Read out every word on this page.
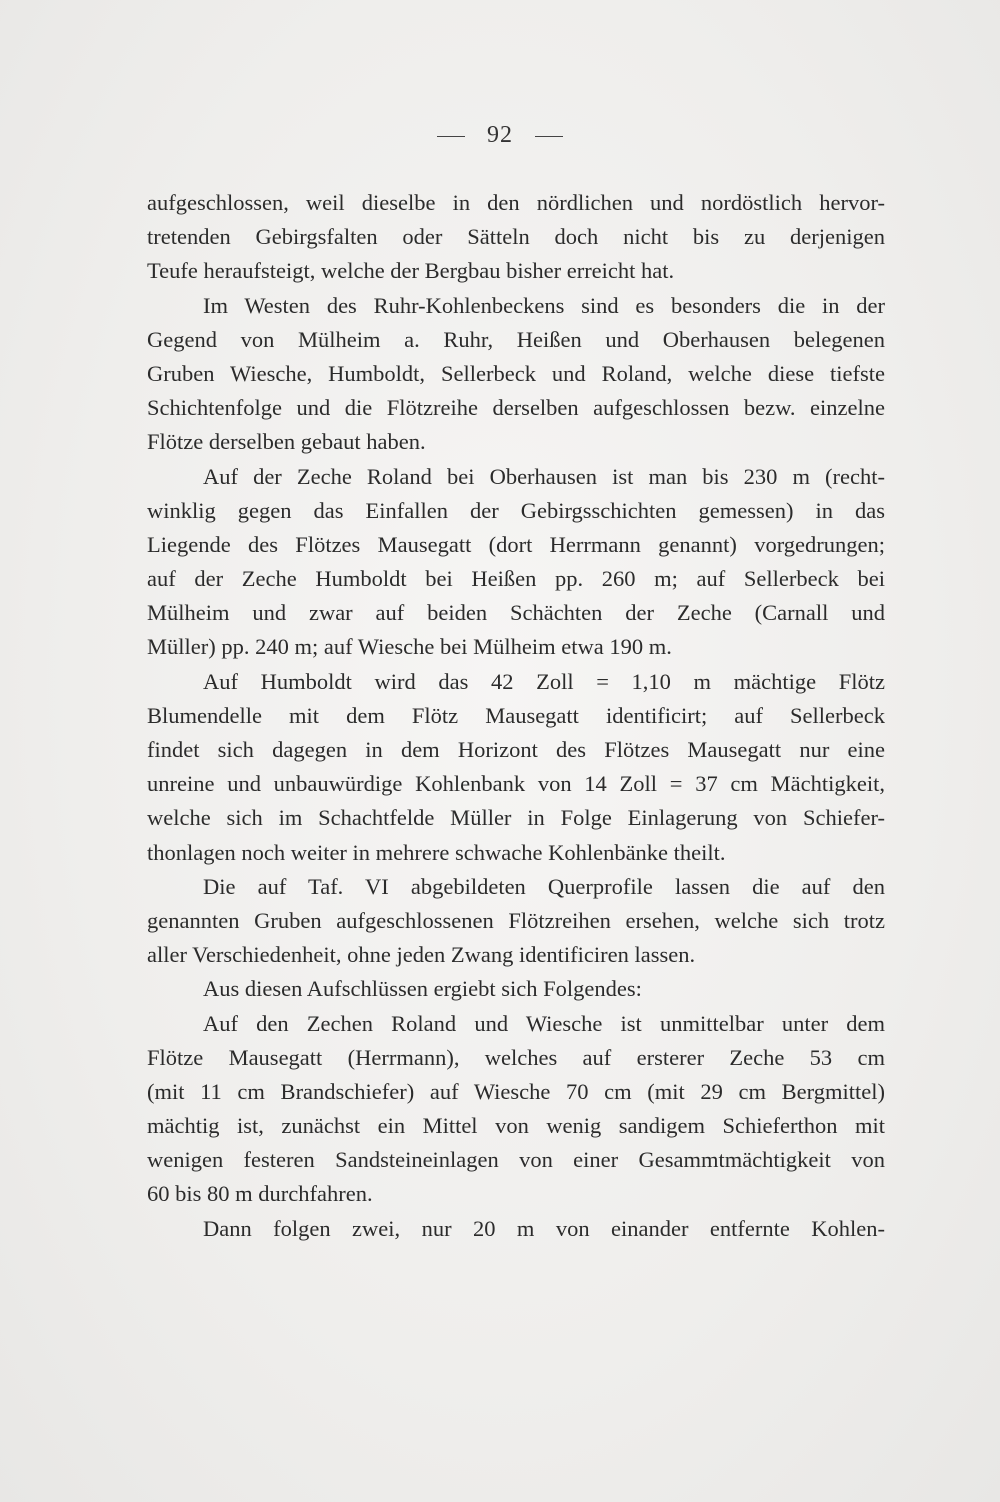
92
aufgeschlossen, weil dieselbe in den nördlichen und nordöstlich hervor-
tretenden Gebirgsfalten oder Sätteln doch nicht bis zu derjenigen
Teufe heraufsteigt, welche der Bergbau bisher erreicht hat.
Im Westen des Ruhr-Kohlenbeckens sind es besonders die in der
Gegend von Mülheim a. Ruhr, Heißen und Oberhausen belegenen
Gruben Wiesche, Humboldt, Sellerbeck und Roland, welche diese tiefste
Schichtenfolge und die Flötzreihe derselben aufgeschlossen bezw. einzelne
Flötze derselben gebaut haben.
Auf der Zeche Roland bei Oberhausen ist man bis 230 m (recht-
winklig gegen das Einfallen der Gebirgsschichten gemessen) in das
Liegende des Flötzes Mausegatt (dort Herrmann genannt) vorgedrungen;
auf der Zeche Humboldt bei Heißen pp. 260 m; auf Sellerbeck bei
Mülheim und zwar auf beiden Schächten der Zeche (Carnall und
Müller) pp. 240 m; auf Wiesche bei Mülheim etwa 190 m.
Auf Humboldt wird das 42 Zoll = 1,10 m mächtige Flötz
Blumendelle mit dem Flötz Mausegatt identificirt; auf Sellerbeck
findet sich dagegen in dem Horizont des Flötzes Mausegatt nur eine
unreine und unbauwürdige Kohlenbank von 14 Zoll = 37 cm Mächtigkeit,
welche sich im Schachtfelde Müller in Folge Einlagerung von Schiefer-
thonlagen noch weiter in mehrere schwache Kohlenbänke theilt.
Die auf Taf. VI abgebildeten Querprofile lassen die auf den
genannten Gruben aufgeschlossenen Flötzreihen ersehen, welche sich trotz
aller Verschiedenheit, ohne jeden Zwang identificiren lassen.
Aus diesen Aufschlüssen ergiebt sich Folgendes:
Auf den Zechen Roland und Wiesche ist unmittelbar unter dem
Flötze Mausegatt (Herrmann), welches auf ersterer Zeche 53 cm
(mit 11 cm Brandschiefer) auf Wiesche 70 cm (mit 29 cm Bergmittel)
mächtig ist, zunächst ein Mittel von wenig sandigem Schieferthon mit
wenigen festeren Sandsteineinlagen von einer Gesammtmächtigkeit von
60 bis 80 m durchfahren.
Dann folgen zwei, nur 20 m von einander entfernte Kohlen-
